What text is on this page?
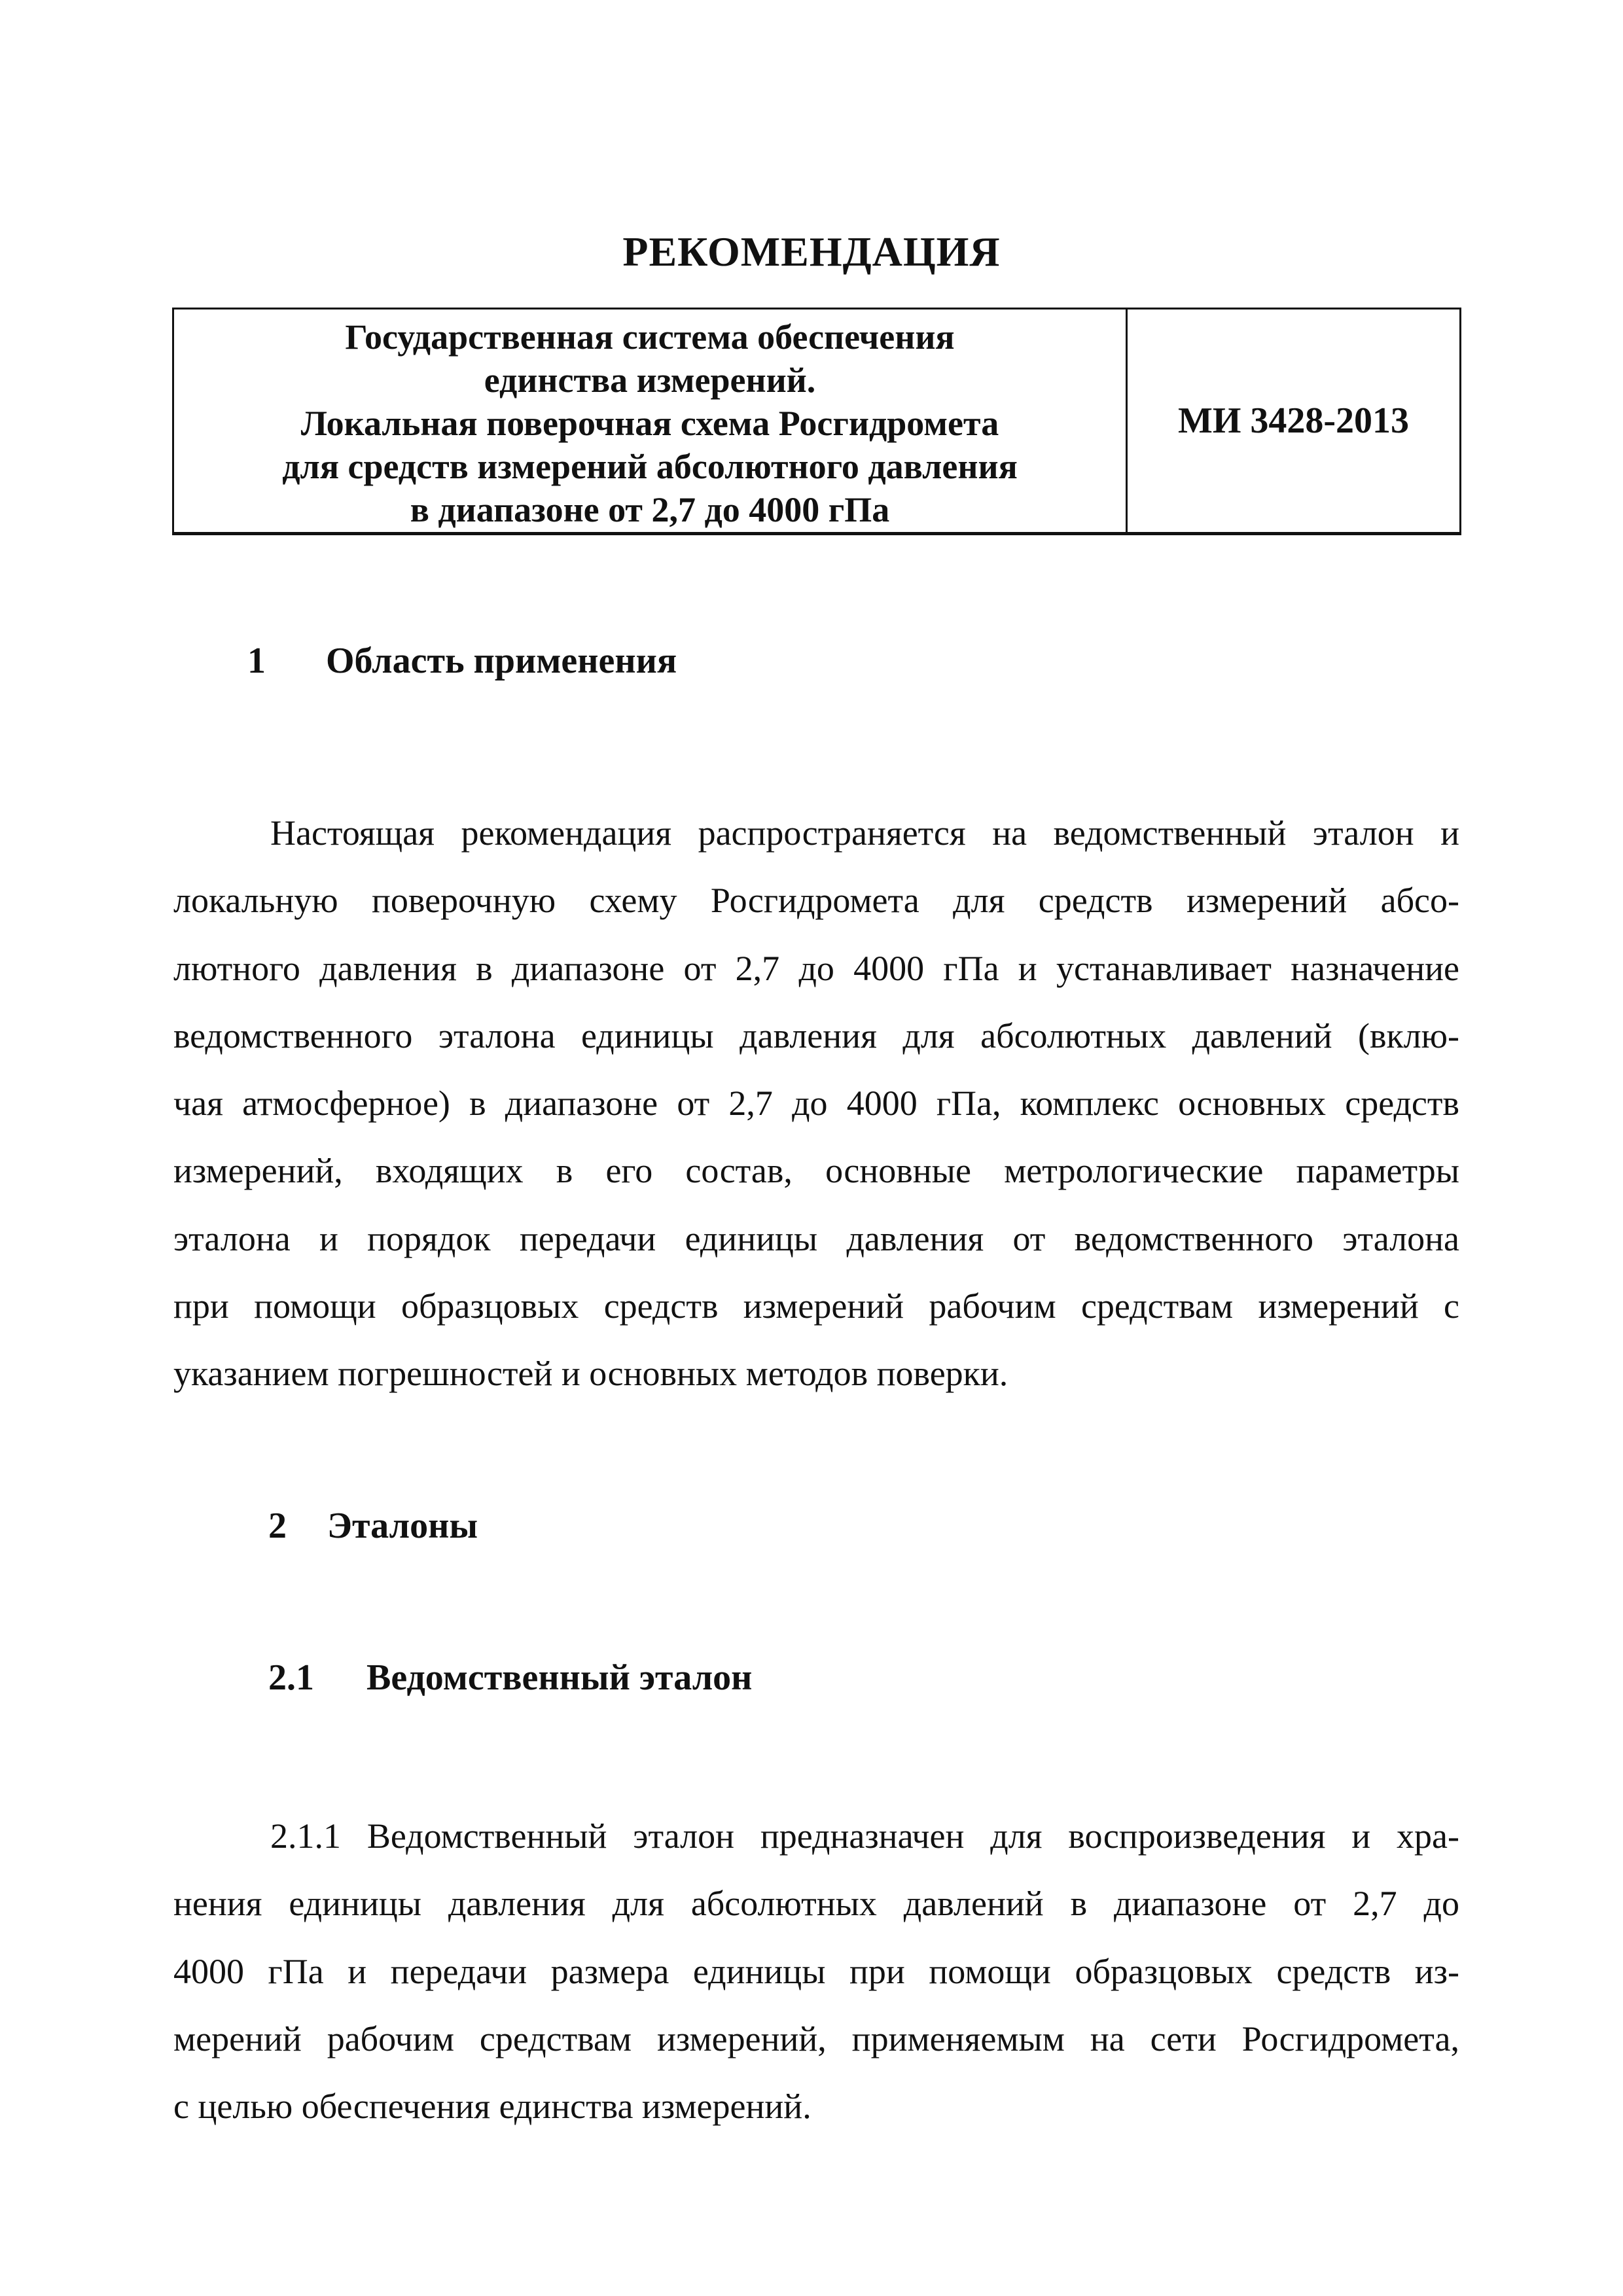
РЕКОМЕНДАЦИЯ
Государственная система обеспечения
единства измерений.
Локальная поверочная схема Росгидромета
для средств измерений абсолютного давления
в диапазоне от 2,7 до 4000 гПа
МИ 3428-2013
1 Область применения
Настоящая рекомендация распространяется на ведомственный эталон и
локальную поверочную схему Росгидромета для средств измерений абсо-
лютного давления в диапазоне от 2,7 до 4000 гПа и устанавливает назначение
ведомственного эталона единицы давления для абсолютных давлений (вклю-
чая атмосферное) в диапазоне от 2,7 до 4000 гПа, комплекс основных средств
измерений, входящих в его состав, основные метрологические параметры
эталона и порядок передачи единицы давления от ведомственного эталона
при помощи образцовых средств измерений рабочим средствам измерений с
указанием погрешностей и основных методов поверки.
2 Эталоны
2.1 Ведомственный эталон
2.1.1 Ведомственный эталон предназначен для воспроизведения и хра-
нения единицы давления для абсолютных давлений в диапазоне от 2,7 до
4000 гПа и передачи размера единицы при помощи образцовых средств из-
мерений рабочим средствам измерений, применяемым на сети Росгидромета,
с целью обеспечения единства измерений.
